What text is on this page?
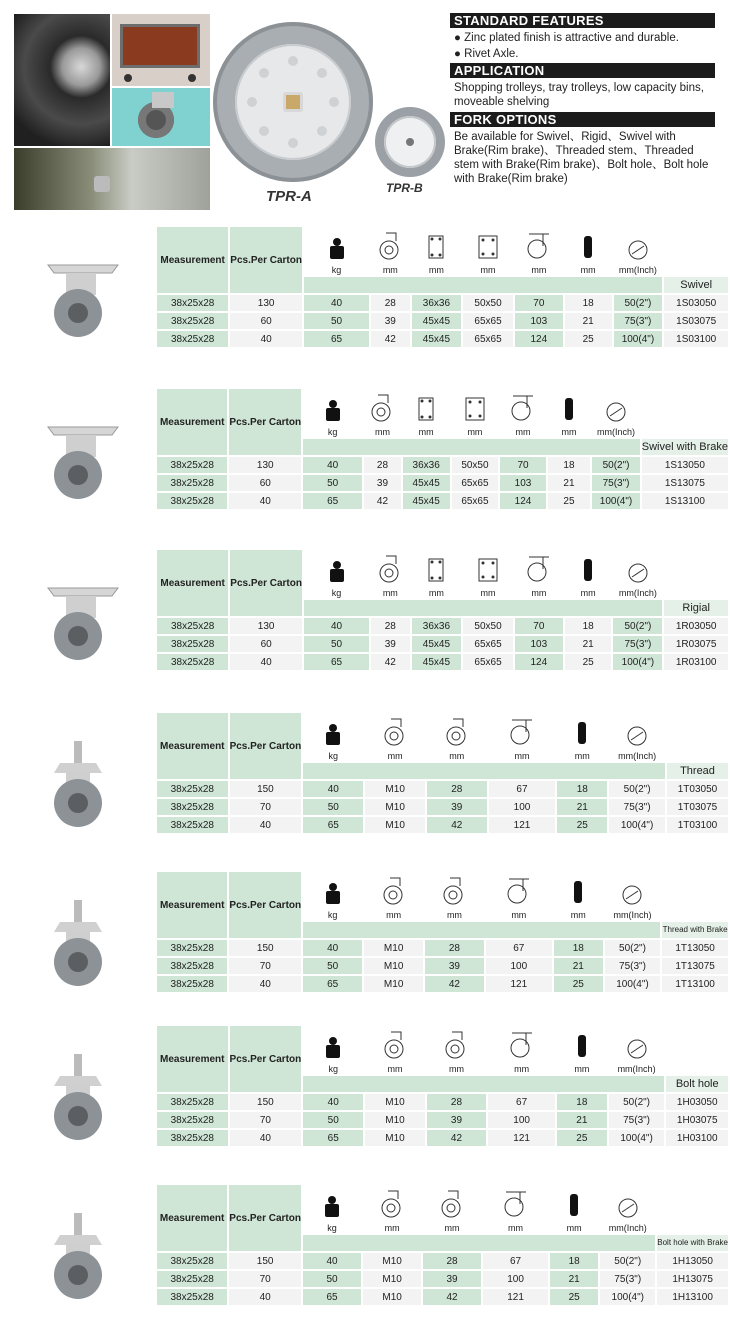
TPR-A	TPR-B
STANDARD FEATURES

● Zinc plated finish is attractive and durable.

● Rivet Axle.

APPLICATION

Shopping trolleys, tray trolleys, low capacity bins, moveable shelving

FORK OPTIONS

Be available for Swivel、Rigid、Swivel with Brake(Rim brake)、Threaded stem、Threaded stem with Brake(Rim brake)、Bolt hole、Bolt hole with Brake(Rim brake)

Measurement	Pcs.Per Carton	kg	mm	mm	mm	mm	mm	mm(Inch)	
									Swivel
38x25x28	130	40	28	36x36	50x50	70	18	50(2")	1S03050
38x25x28	60	50	39	45x45	65x65	103	21	75(3")	1S03075
38x25x28	40	65	42	45x45	65x65	124	25	100(4")	1S03100
Measurement	Pcs.Per Carton	kg	mm	mm	mm	mm	mm	mm(Inch)	
									Swivel with Brake
38x25x28	130	40	28	36x36	50x50	70	18	50(2")	1S13050
38x25x28	60	50	39	45x45	65x65	103	21	75(3")	1S13075
38x25x28	40	65	42	45x45	65x65	124	25	100(4")	1S13100
Measurement	Pcs.Per Carton	kg	mm	mm	mm	mm	mm	mm(Inch)	
									Rigial
38x25x28	130	40	28	36x36	50x50	70	18	50(2")	1R03050
38x25x28	60	50	39	45x45	65x65	103	21	75(3")	1R03075
38x25x28	40	65	42	45x45	65x65	124	25	100(4")	1R03100
Measurement	Pcs.Per Carton	kg	mm	mm	mm	mm	mm(Inch)	
								Thread
38x25x28	150	40	M10	28	67	18	50(2")	1T03050
38x25x28	70	50	M10	39	100	21	75(3")	1T03075
38x25x28	40	65	M10	42	121	25	100(4")	1T03100
Measurement	Pcs.Per Carton	kg	mm	mm	mm	mm	mm(Inch)	
								Thread with Brake
38x25x28	150	40	M10	28	67	18	50(2")	1T13050
38x25x28	70	50	M10	39	100	21	75(3")	1T13075
38x25x28	40	65	M10	42	121	25	100(4")	1T13100
Measurement	Pcs.Per Carton	kg	mm	mm	mm	mm	mm(Inch)	
								Bolt hole
38x25x28	150	40	M10	28	67	18	50(2")	1H03050
38x25x28	70	50	M10	39	100	21	75(3")	1H03075
38x25x28	40	65	M10	42	121	25	100(4")	1H03100
Measurement	Pcs.Per Carton	kg	mm	mm	mm	mm	mm(Inch)	
								Bolt hole with Brake
38x25x28	150	40	M10	28	67	18	50(2")	1H13050
38x25x28	70	50	M10	39	100	21	75(3")	1H13075
38x25x28	40	65	M10	42	121	25	100(4")	1H13100
